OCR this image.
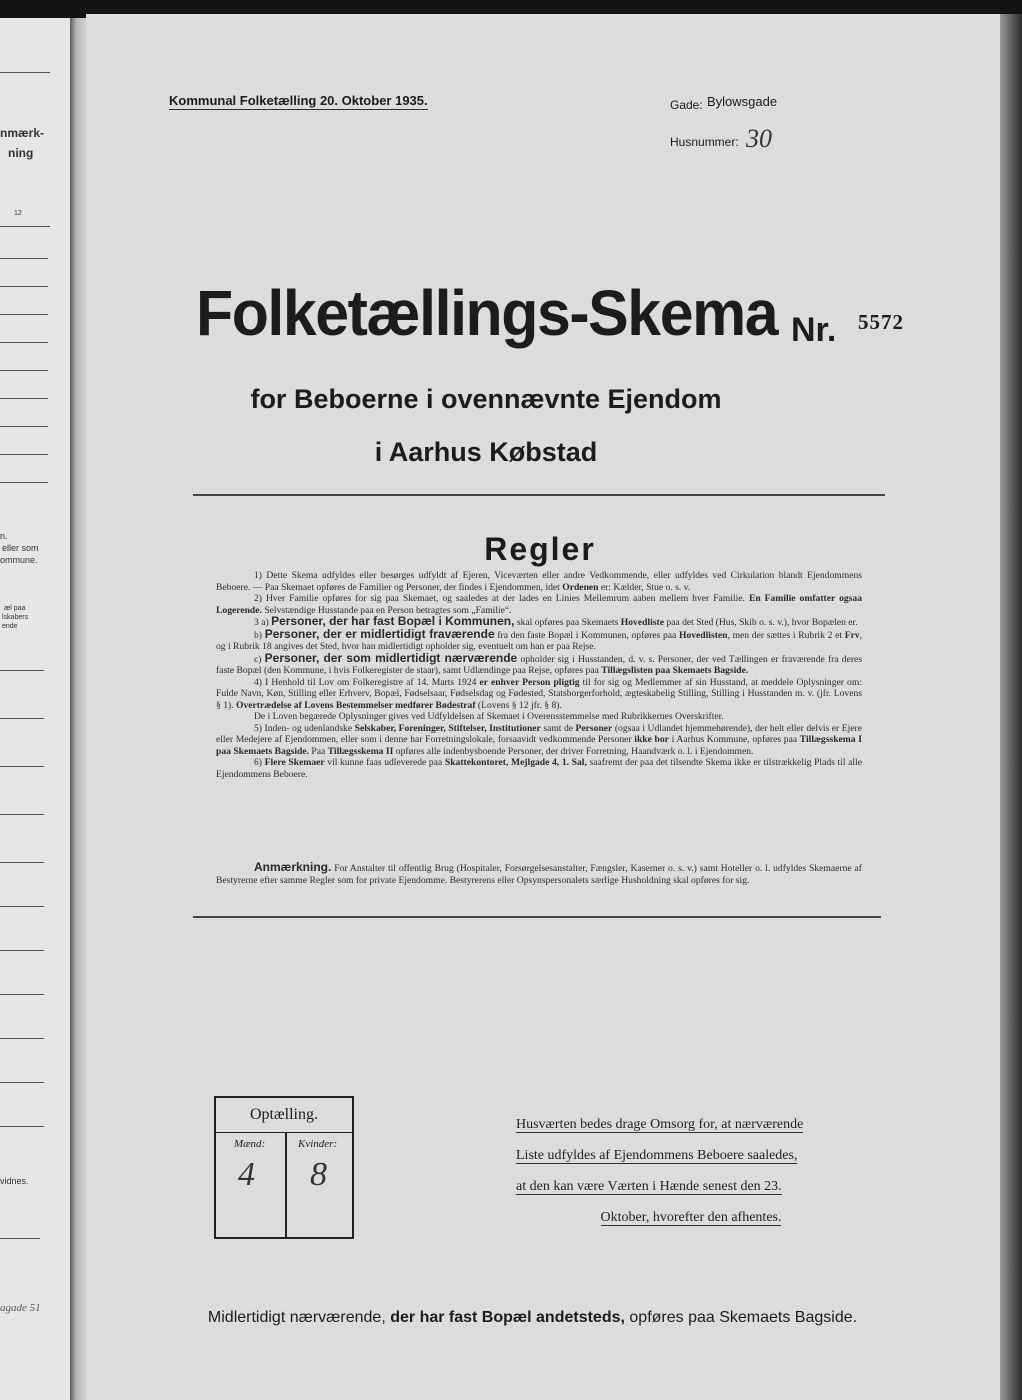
nmærk-
ning
12
n.
eller som
ommune.
æl paa
lskabers
ende
vidnes.
agade 51
Kommunal Folketælling 20. Oktober 1935.	Gade: Bylowsgade
Husnummer: 30
Folketællings-Skema Nr. 5572
for Beboerne i ovennævnte Ejendom
i Aarhus Købstad
Regler

1) Dette Skema udfyldes eller besørges udfyldt af Ejeren, Viceværten eller andre Vedkommende, eller udfyldes ved Cirkulation blandt Ejendommens Beboere. — Paa Skemaet opføres de Familier og Personer, der findes i Ejendommen, idet Ordenen er: Kælder, Stue o. s. v.

2) Hver Familie opføres for sig paa Skemaet, og saaledes at der lades en Linies Mellemrum aaben mellem hver Familie. En Familie omfatter ogsaa Logerende. Selvstændige Husstande paa en Person betragtes som „Familie“.

3 a) Personer, der har fast Bopæl i Kommunen, skal opføres paa Skemaets Hovedliste paa det Sted (Hus, Skib o. s. v.), hvor Bopælen er.

b) Personer, der er midlertidigt fraværende fra den faste Bopæl i Kommunen, opføres paa Hovedlisten, men der sættes i Rubrik 2 et Frv, og i Rubrik 18 angives det Sted, hvor han midlertidigt opholder sig, eventuelt om han er paa Rejse.

c) Personer, der som midlertidigt nærværende opholder sig i Husstanden, d. v. s. Personer, der ved Tællingen er fraværende fra deres faste Bopæl (den Kommune, i hvis Folkeregister de staar), samt Udlændinge paa Rejse, opføres paa Tillægslisten paa Skemaets Bagside.

4) I Henhold til Lov om Folkeregistre af 14. Marts 1924 er enhver Person pligtig til for sig og Medlemmer af sin Husstand, at meddele Oplysninger om: Fulde Navn, Køn, Stilling eller Erhverv, Bopæl, Fødselsaar, Fødselsdag og Fødested, Statsborgerforhold, ægteskabelig Stilling, Stilling i Husstanden m. v. (jfr. Lovens § 1). Overtrædelse af Lovens Bestemmelser medfører Bødestraf (Lovens § 12 jfr. § 8).

De i Loven begærede Oplysninger gives ved Udfyldelsen af Skemaet i Overensstemmelse med Rubrikkernes Overskrifter.

5) Inden- og udenlandske Selskaber, Foreninger, Stiftelser, Institutioner samt de Personer (ogsaa i Udlandet hjemmehørende), der helt eller delvis er Ejere eller Medejere af Ejendommen, eller som i denne har Forretningslokale, forsaavidt vedkommende Personer ikke bor i Aarhus Kommune, opføres paa Tillægsskema I paa Skemaets Bagside. Paa Tillægsskema II opføres alle indenbysboende Personer, der driver Forretning, Haandværk o. l. i Ejendommen.

6) Flere Skemaer vil kunne faas udleverede paa Skattekontoret, Mejlgade 4, 1. Sal, saafremt der paa det tilsendte Skema ikke er tilstrækkelig Plads til alle Ejendommens Beboere.

Anmærkning. For Anstalter til offentlig Brug (Hospitaler, Forsørgelsesanstalter, Fængsler, Kaserner o. s. v.) samt Hoteller o. l. udfyldes Skemaerne af Bestyrerne efter samme Regler som for private Ejendomme. Bestyrerens eller Opsynspersonalets særlige Husholdning skal opføres for sig.

Optælling.
Mænd:	Kvinder:
4 8
Husværten bedes drage Omsorg for, at nærværende
Liste udfyldes af Ejendommens Beboere saaledes,
at den kan være Værten i Hænde senest den 23.
Oktober, hvorefter den afhentes.
Midlertidigt nærværende, der har fast Bopæl andetsteds, opføres paa Skemaets Bagside.
